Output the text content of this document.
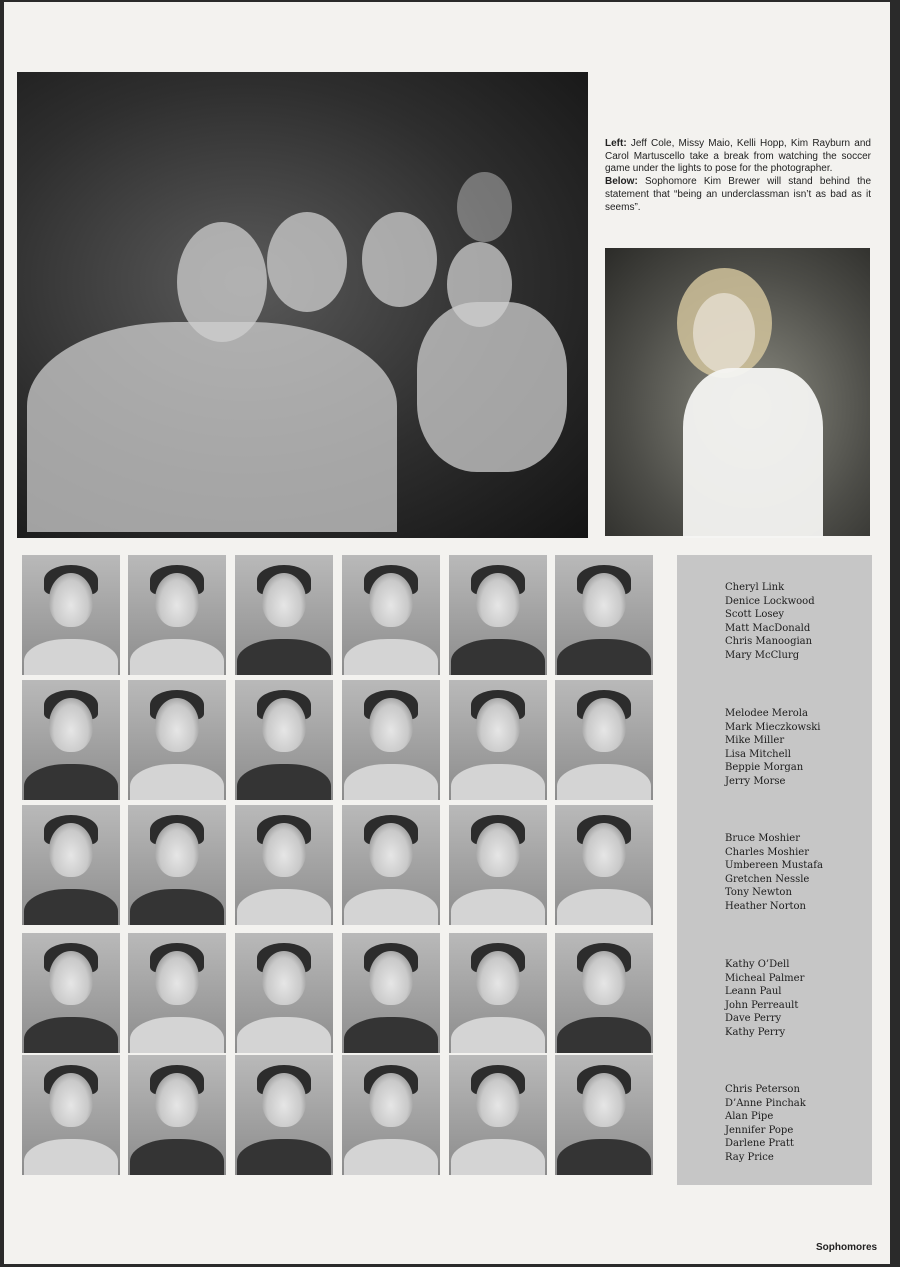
Left: Jeff Cole, Missy Maio, Kelli Hopp, Kim Rayburn and Carol Martuscello take a break from watching the soccer game under the lights to pose for the photographer.

Below: Sophomore Kim Brewer will stand behind the statement that “being an underclassman isn’t as bad as it seems”.

Cheryl Link
Denice Lockwood
Scott Losey
Matt MacDonald
Chris Manoogian
Mary McClurg
Melodee Merola
Mark Mieczkowski
Mike Miller
Lisa Mitchell
Beppie Morgan
Jerry Morse
Bruce Moshier
Charles Moshier
Umbereen Mustafa
Gretchen Nessle
Tony Newton
Heather Norton
Kathy O’Dell
Micheal Palmer
Leann Paul
John Perreault
Dave Perry
Kathy Perry
Chris Peterson
D’Anne Pinchak
Alan Pipe
Jennifer Pope
Darlene Pratt
Ray Price
Sophomores
